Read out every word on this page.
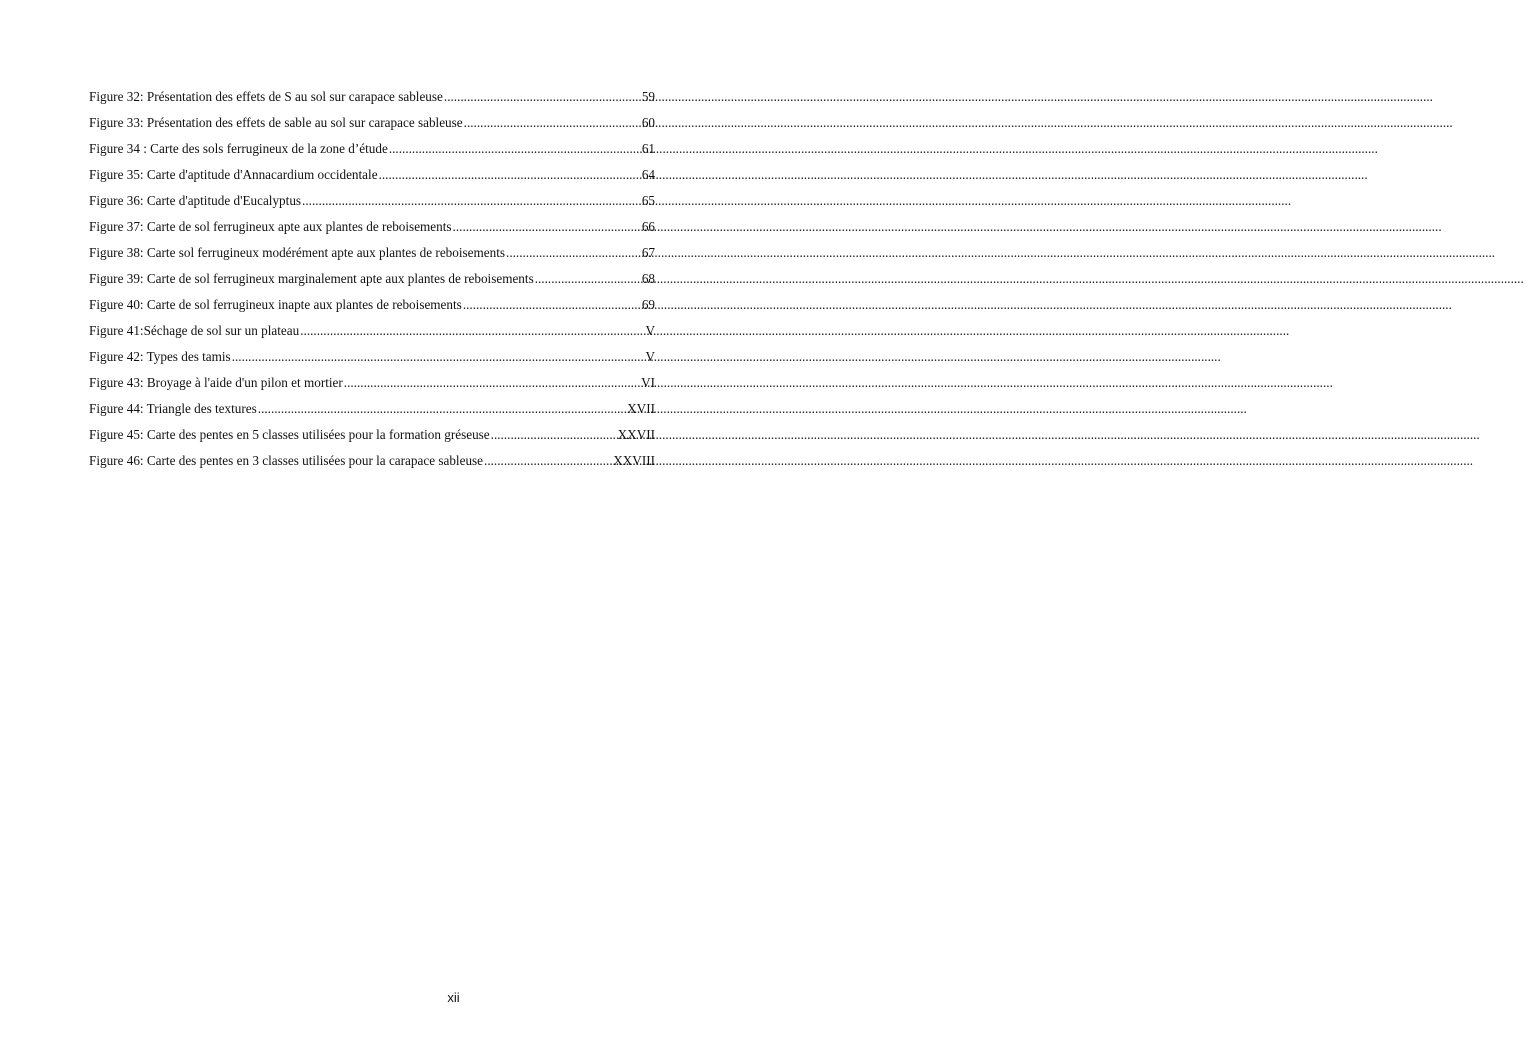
Figure 32: Présentation des effets de S au sol sur carapace sableuse .....	59
Figure 33: Présentation des effets de sable au sol sur carapace sableuse .....	60
Figure 34 : Carte des sols ferrugineux de la zone d’étude .....	61
Figure 35: Carte d'aptitude d'Annacardium occidentale .....	64
Figure 36: Carte d'aptitude d'Eucalyptus .....	65
Figure 37: Carte de sol ferrugineux apte aux plantes de reboisements .....	66
Figure 38: Carte sol ferrugineux modérément apte aux plantes de reboisements .....	67
Figure 39: Carte de sol ferrugineux marginalement apte aux plantes de reboisements .....	68
Figure 40: Carte de sol ferrugineux inapte aux plantes de reboisements .....	69
Figure 41:Séchage de sol sur un plateau .....	V
Figure 42: Types des tamis .....	V
Figure 43: Broyage à l'aide d'un pilon et mortier .....	VI
Figure 44: Triangle des textures .....	XVII
Figure 45: Carte des pentes en 5 classes utilisées pour la formation gréseuse .....	XXVII
Figure 46: Carte des pentes en 3 classes utilisées pour la carapace sableuse .....	XXVIII
xii
